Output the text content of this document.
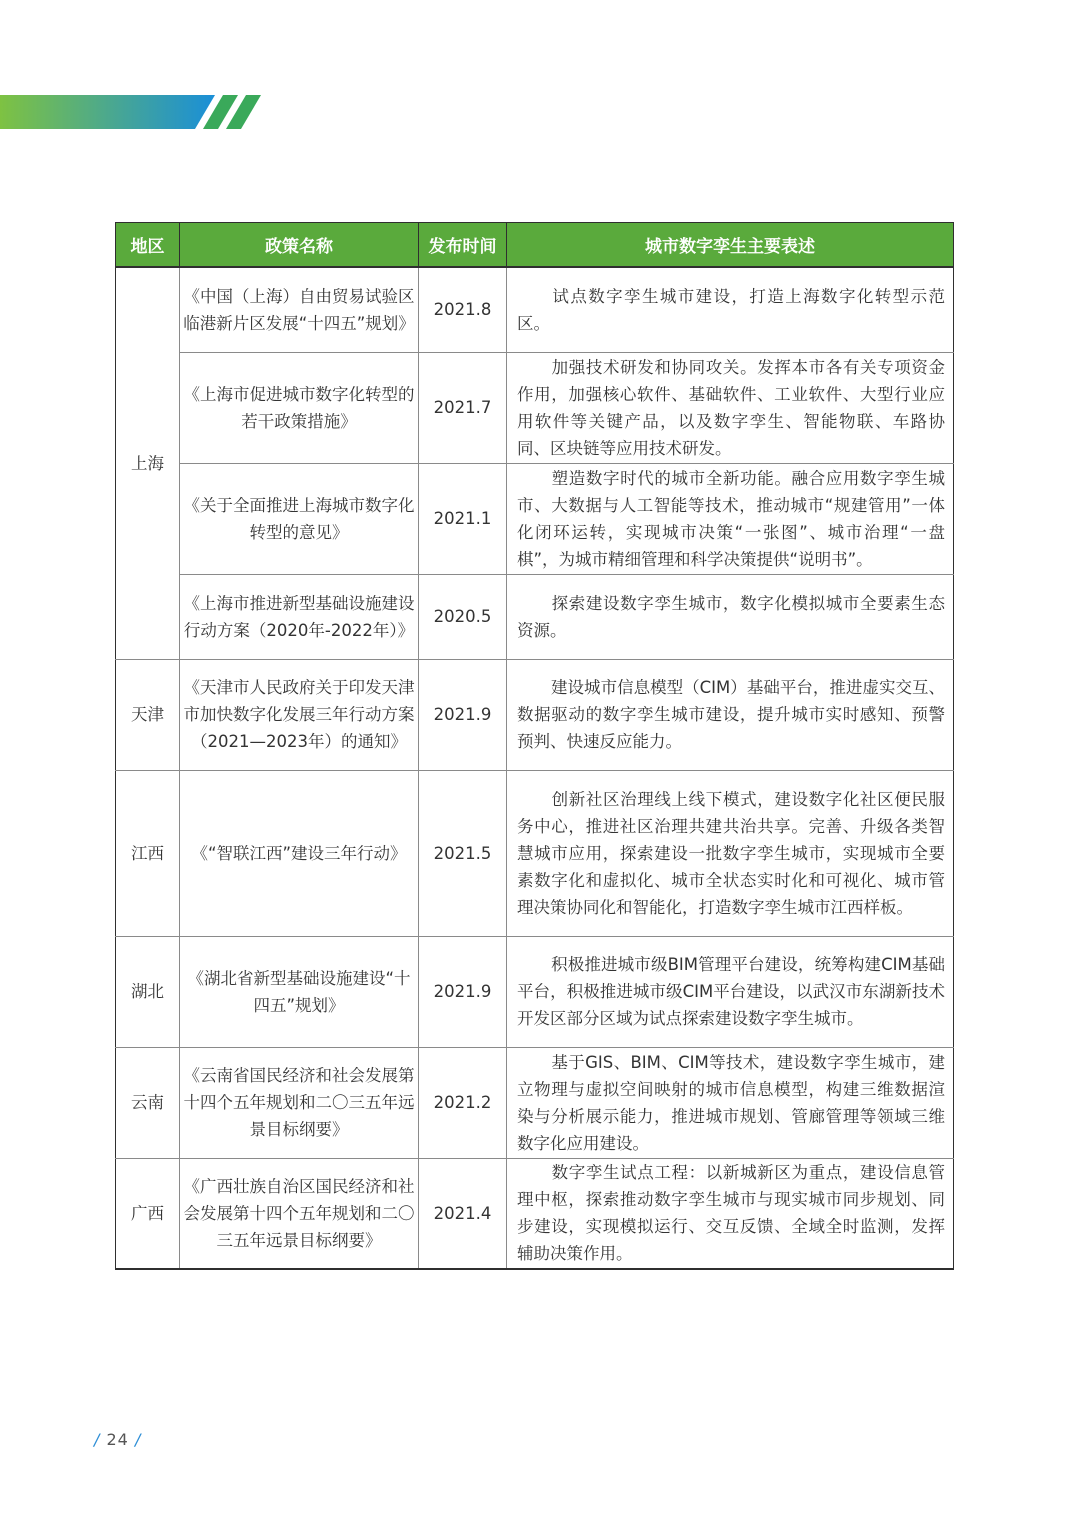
地区	政策名称	发布时间	城市数字孪生主要表述
上海	《中国（上海）自由贸易试验区临港新片区发展“十四五”规划》	2021.8	试点数字孪生城市建设，打造上海数字化转型示范区。
	《上海市促进城市数字化转型的若干政策措施》	2021.7	加强技术研发和协同攻关。发挥本市各有关专项资金作用，加强核心软件、基础软件、工业软件、大型行业应用软件等关键产品，以及数字孪生、智能物联、车路协同、区块链等应用技术研发。
	《关于全面推进上海城市数字化转型的意见》	2021.1	塑造数字时代的城市全新功能。融合应用数字孪生城市、大数据与人工智能等技术，推动城市“规建管用”一体化闭环运转，实现城市决策“一张图”、城市治理“一盘棋”，为城市精细管理和科学决策提供“说明书”。
	《上海市推进新型基础设施建设行动方案（2020年-2022年）》	2020.5	探索建设数字孪生城市，数字化模拟城市全要素生态资源。
天津	《天津市人民政府关于印发天津市加快数字化发展三年行动方案（2021—2023年）的通知》	2021.9	建设城市信息模型（CIM）基础平台，推进虚实交互、数据驱动的数字孪生城市建设，提升城市实时感知、预警预判、快速反应能力。
江西	《“智联江西”建设三年行动》	2021.5	创新社区治理线上线下模式，建设数字化社区便民服务中心，推进社区治理共建共治共享。完善、升级各类智慧城市应用，探索建设一批数字孪生城市，实现城市全要素数字化和虚拟化、城市全状态实时化和可视化、城市管理决策协同化和智能化，打造数字孪生城市江西样板。
湖北	《湖北省新型基础设施建设“十四五”规划》	2021.9	积极推进城市级BIM管理平台建设，统筹构建CIM基础平台，积极推进城市级CIM平台建设，以武汉市东湖新技术开发区部分区域为试点探索建设数字孪生城市。
云南	《云南省国民经济和社会发展第十四个五年规划和二〇三五年远景目标纲要》	2021.2	基于GIS、BIM、CIM等技术，建设数字孪生城市，建立物理与虚拟空间映射的城市信息模型，构建三维数据渲染与分析展示能力，推进城市规划、管廊管理等领域三维数字化应用建设。
广西	《广西壮族自治区国民经济和社会发展第十四个五年规划和二〇三五年远景目标纲要》	2021.4	数字孪生试点工程：以新城新区为重点，建设信息管理中枢，探索推动数字孪生城市与现实城市同步规划、同步建设，实现模拟运行、交互反馈、全域全时监测，发挥辅助决策作用。
/ 24 /
